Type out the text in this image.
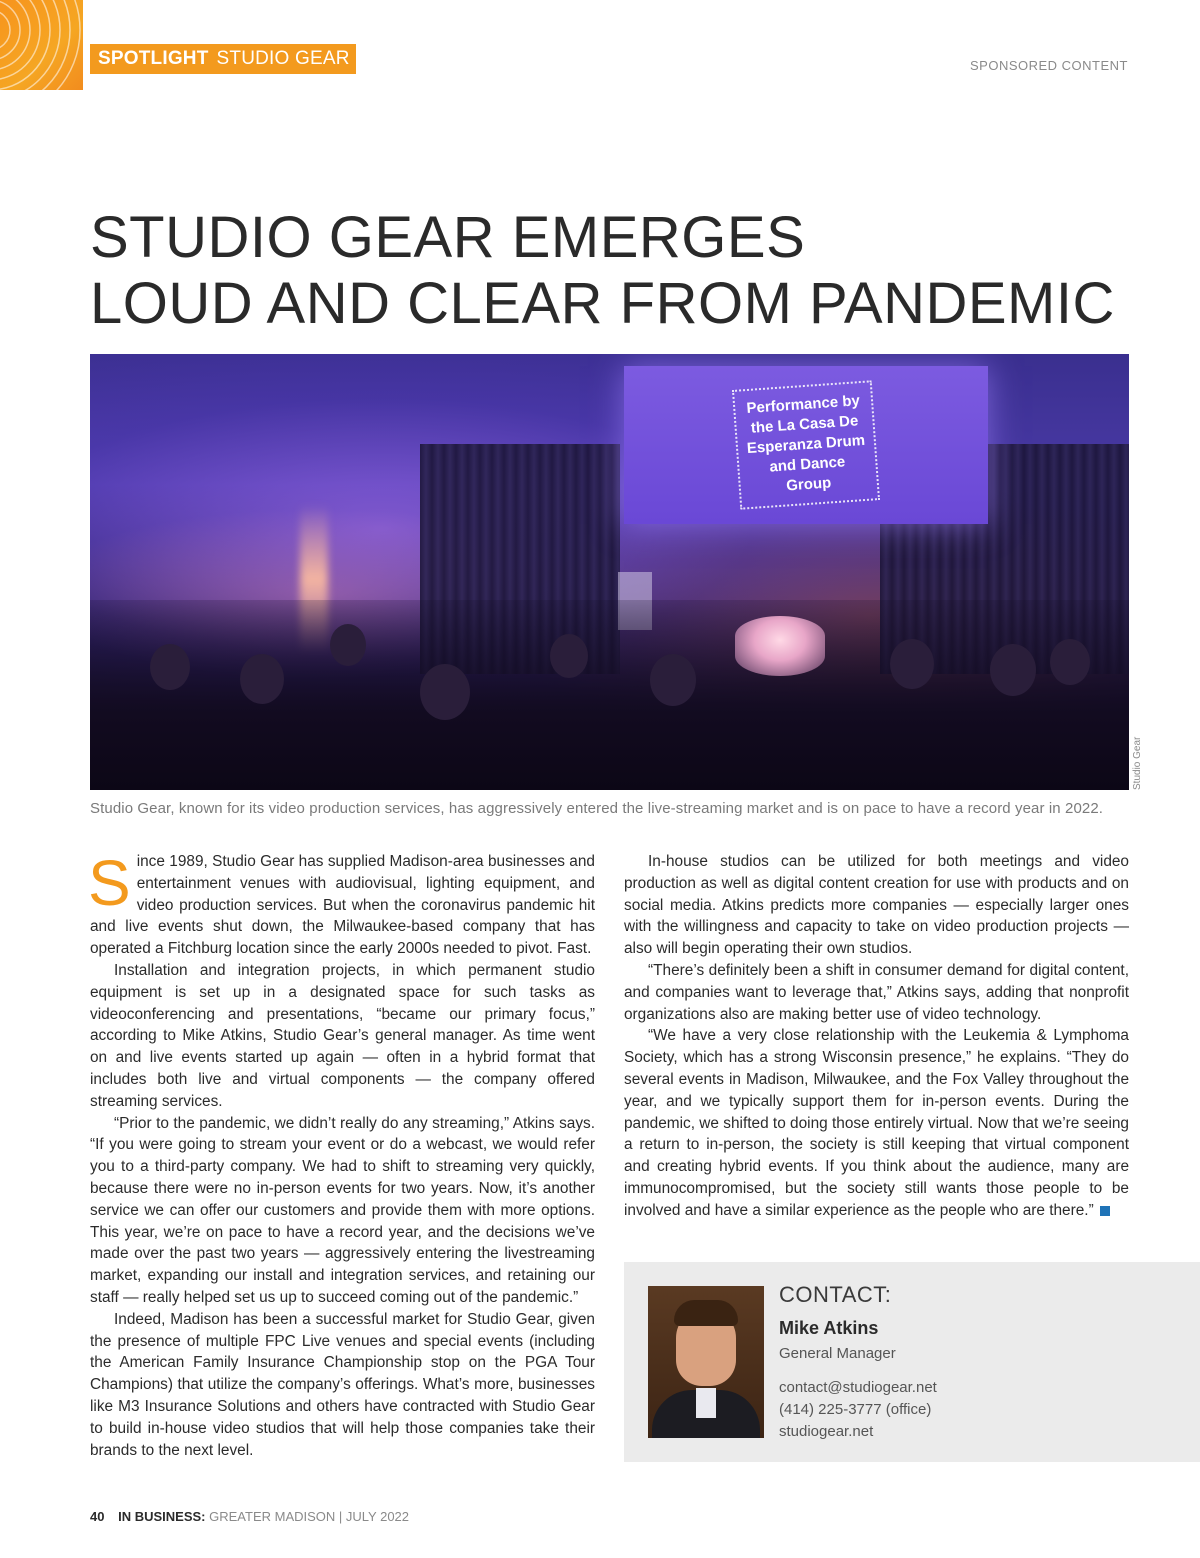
SPOTLIGHT STUDIO GEAR	SPONSORED CONTENT
STUDIO GEAR EMERGES
LOUD AND CLEAR FROM PANDEMIC
Performance by the La Casa De Esperanza Drum and Dance Group
Studio Gear
Studio Gear, known for its video production services, has aggressively entered the live-streaming market and is on pace to have a record year in 2022.

Since 1989, Studio Gear has supplied Madison-area businesses and entertainment venues with audiovisual, lighting equipment, and video production services. But when the coronavirus pandemic hit and live events shut down, the Milwaukee-based company that has operated a Fitchburg location since the early 2000s needed to pivot. Fast.

Installation and integration projects, in which permanent studio equipment is set up in a designated space for such tasks as videoconferencing and presentations, “became our primary focus,” according to Mike Atkins, Studio Gear’s general manager. As time went on and live events started up again — often in a hybrid format that includes both live and virtual components — the company offered streaming services.

“Prior to the pandemic, we didn’t really do any streaming,” Atkins says. “If you were going to stream your event or do a webcast, we would refer you to a third-party company. We had to shift to streaming very quickly, because there were no in-person events for two years. Now, it’s another service we can offer our customers and provide them with more options. This year, we’re on pace to have a record year, and the decisions we’ve made over the past two years — aggressively entering the livestreaming market, expanding our install and integration services, and retaining our staff — really helped set us up to succeed coming out of the pandemic.”

Indeed, Madison has been a successful market for Studio Gear, given the presence of multiple FPC Live venues and special events (including the American Family Insurance Championship stop on the PGA Tour Champions) that utilize the company’s offerings. What’s more, businesses like M3 Insurance Solutions and others have contracted with Studio Gear to build in-house video studios that will help those companies take their brands to the next level.

In-house studios can be utilized for both meetings and video production as well as digital content creation for use with products and on social media. Atkins predicts more companies — especially larger ones with the willingness and capacity to take on video production projects — also will begin operating their own studios.

“There’s definitely been a shift in consumer demand for digital content, and companies want to leverage that,” Atkins says, adding that nonprofit organizations also are making better use of video technology.

“We have a very close relationship with the Leukemia & Lymphoma Society, which has a strong Wisconsin presence,” he explains. “They do several events in Madison, Milwaukee, and the Fox Valley throughout the year, and we typically support them for in-person events. During the pandemic, we shifted to doing those entirely virtual. Now that we’re seeing a return to in-person, the society is still keeping that virtual component and creating hybrid events. If you think about the audience, many are immunocompromised, but the society still wants those people to be involved and have a similar experience as the people who are there.”

CONTACT:
Mike Atkins
General Manager
contact@studiogear.net
(414) 225-3777 (office)
studiogear.net
40 IN BUSINESS: GREATER MADISON | JULY 2022
